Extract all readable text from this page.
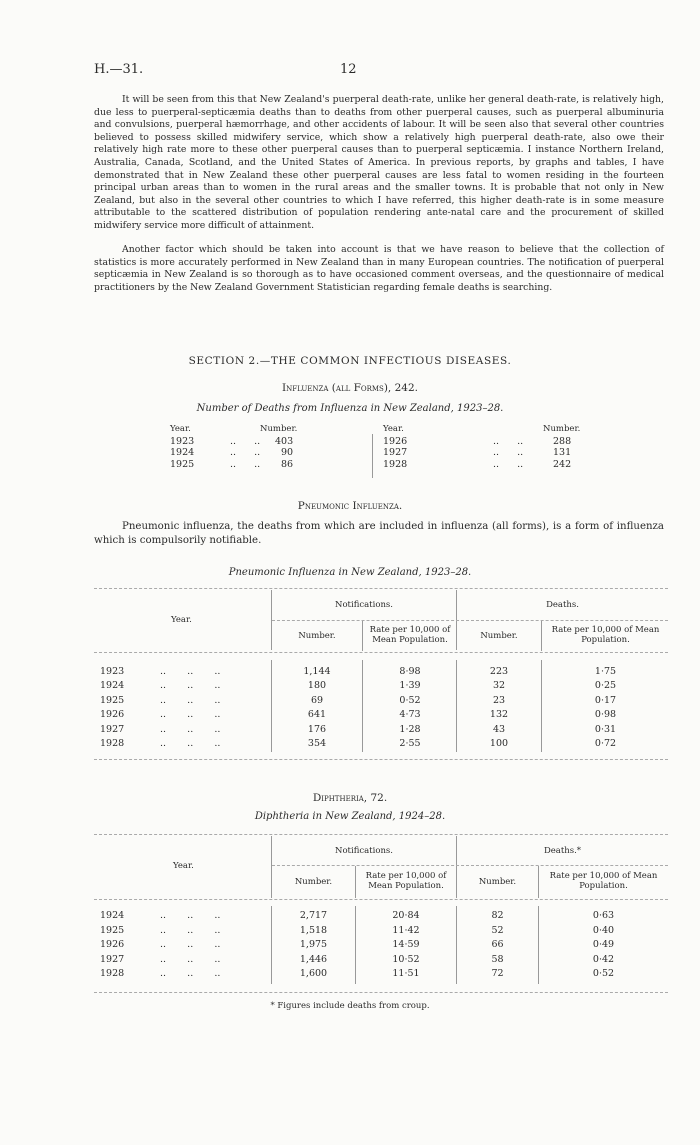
H.—31.	12

It will be seen from this that New Zealand's puerperal death-rate, unlike her general death-rate, is relatively high, due less to puerperal-septicæmia deaths than to deaths from other puerperal causes, such as puerperal albuminuria and convulsions, puerperal hæmorrhage, and other accidents of labour. It will be seen also that several other countries believed to possess skilled midwifery service, which show a relatively high puerperal death-rate, also owe their relatively high rate more to these other puerperal causes than to puerperal septicæmia. I instance Northern Ireland, Australia, Canada, Scotland, and the United States of America. In previous reports, by graphs and tables, I have demonstrated that in New Zealand these other puerperal causes are less fatal to women residing in the fourteen principal urban areas than to women in the rural areas and the smaller towns. It is probable that not only in New Zealand, but also in the several other countries to which I have referred, this higher death-rate is in some measure attributable to the scattered distribution of population rendering ante-natal care and the procurement of skilled midwifery service more difficult of attainment.

Another factor which should be taken into account is that we have reason to believe that the collection of statistics is more accurately performed in New Zealand than in many European countries. The notification of puerperal septicæmia in New Zealand is so thorough as to have occasioned comment overseas, and the questionnaire of medical practitioners by the New Zealand Government Statistician regarding female deaths is searching.

SECTION 2.—THE COMMON INFECTIOUS DISEASES.
Influenza (all Forms), 242.
Number of Deaths from Influenza in New Zealand, 1923–28.
Year.	Number.
1923	..      .. 403
1924	..      .. 90
1925	..      .. 86
Year.	Number.
1926	..      ..	288
1927	..      ..	131
1928	..      ..	242
Pneumonic Influenza.

Pneumonic influenza, the deaths from which are included in influenza (all forms), is a form of influenza which is compulsorily notifiable.

Pneumonic Influenza in New Zealand, 1923–28.
Year.
Notifications.	Deaths.
Number.
Rate per 10,000 of Mean Population.	Number.
Rate per 10,000 of Mean Population.
1923	..       ..       ..	1,144	8·98	223	1·75
1924	..       ..       ..	180	1·39	32	0·25
1925	..       ..       ..	69	0·52	23	0·17
1926	..       ..       ..	641	4·73	132	0·98
1927	..       ..       ..	176	1·28	43	0·31
1928	..       ..       ..	354	2·55	100	0·72
Diphtheria, 72.
Diphtheria in New Zealand, 1924–28.
Year.
Notifications.	Deaths.*
Number.
Rate per 10,000 of Mean Population.	Number.
Rate per 10,000 of Mean Population.
1924	..       ..       ..	2,717	20·84	82	0·63
1925	..       ..       ..	1,518	11·42	52	0·40
1926	..       ..       ..	1,975	14·59	66	0·49
1927	..       ..       ..	1,446	10·52	58	0·42
1928	..       ..       ..	1,600	11·51	72	0·52
* Figures include deaths from croup.
